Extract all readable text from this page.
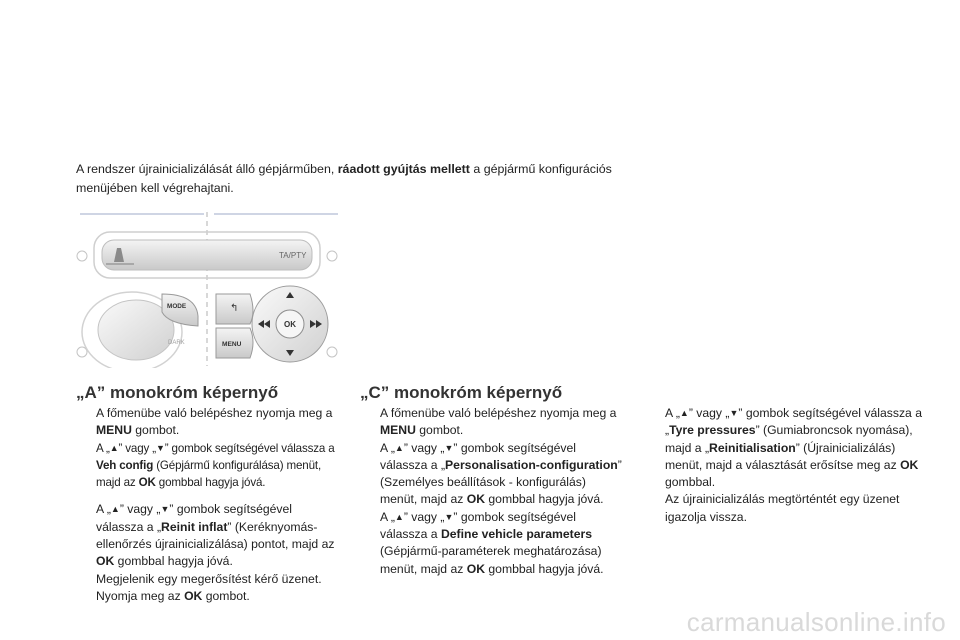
A rendszer újrainicializálását álló gépjárműben, ráadott gyújtás mellett a gépjármű konfigurációs menüjében kell végrehajtani.
TA/PTY
MODE
DARK
↰
MENU
OK
„A” monokróm képernyő

A főmenübe való belépéshez nyomja meg a MENU gombot.

A „▲” vagy „▼” gombok segítségével válassza a Veh config (Gépjármű konfigurálása) menüt, majd az OK gombbal hagyja jóvá.

A „▲” vagy „▼” gombok segítségével válassza a „Reinit inflat” (Keréknyomás-ellenőrzés újrainicializálása) pontot, majd az OK gombbal hagyja jóvá.
Megjelenik egy megerősítést kérő üzenet.

Nyomja meg az OK gombot.

„C” monokróm képernyő

A főmenübe való belépéshez nyomja meg a MENU gombot.

A „▲” vagy „▼” gombok segítségével válassza a „Personalisation-configuration” (Személyes beállítások - konfigurálás) menüt, majd az OK gombbal hagyja jóvá.

A „▲” vagy „▼” gombok segítségével válassza a Define vehicle parameters (Gépjármű-paraméterek meghatározása) menüt, majd az OK gombbal hagyja jóvá.

A „▲” vagy „▼” gombok segítségével válassza a „Tyre pressures” (Gumiabroncsok nyomása), majd a „Reinitialisation” (Újrainicializálás) menüt, majd a választását erősítse meg az OK gombbal.
Az újrainicializálás megtörténtét egy üzenet igazolja vissza.

carmanualsonline.info
